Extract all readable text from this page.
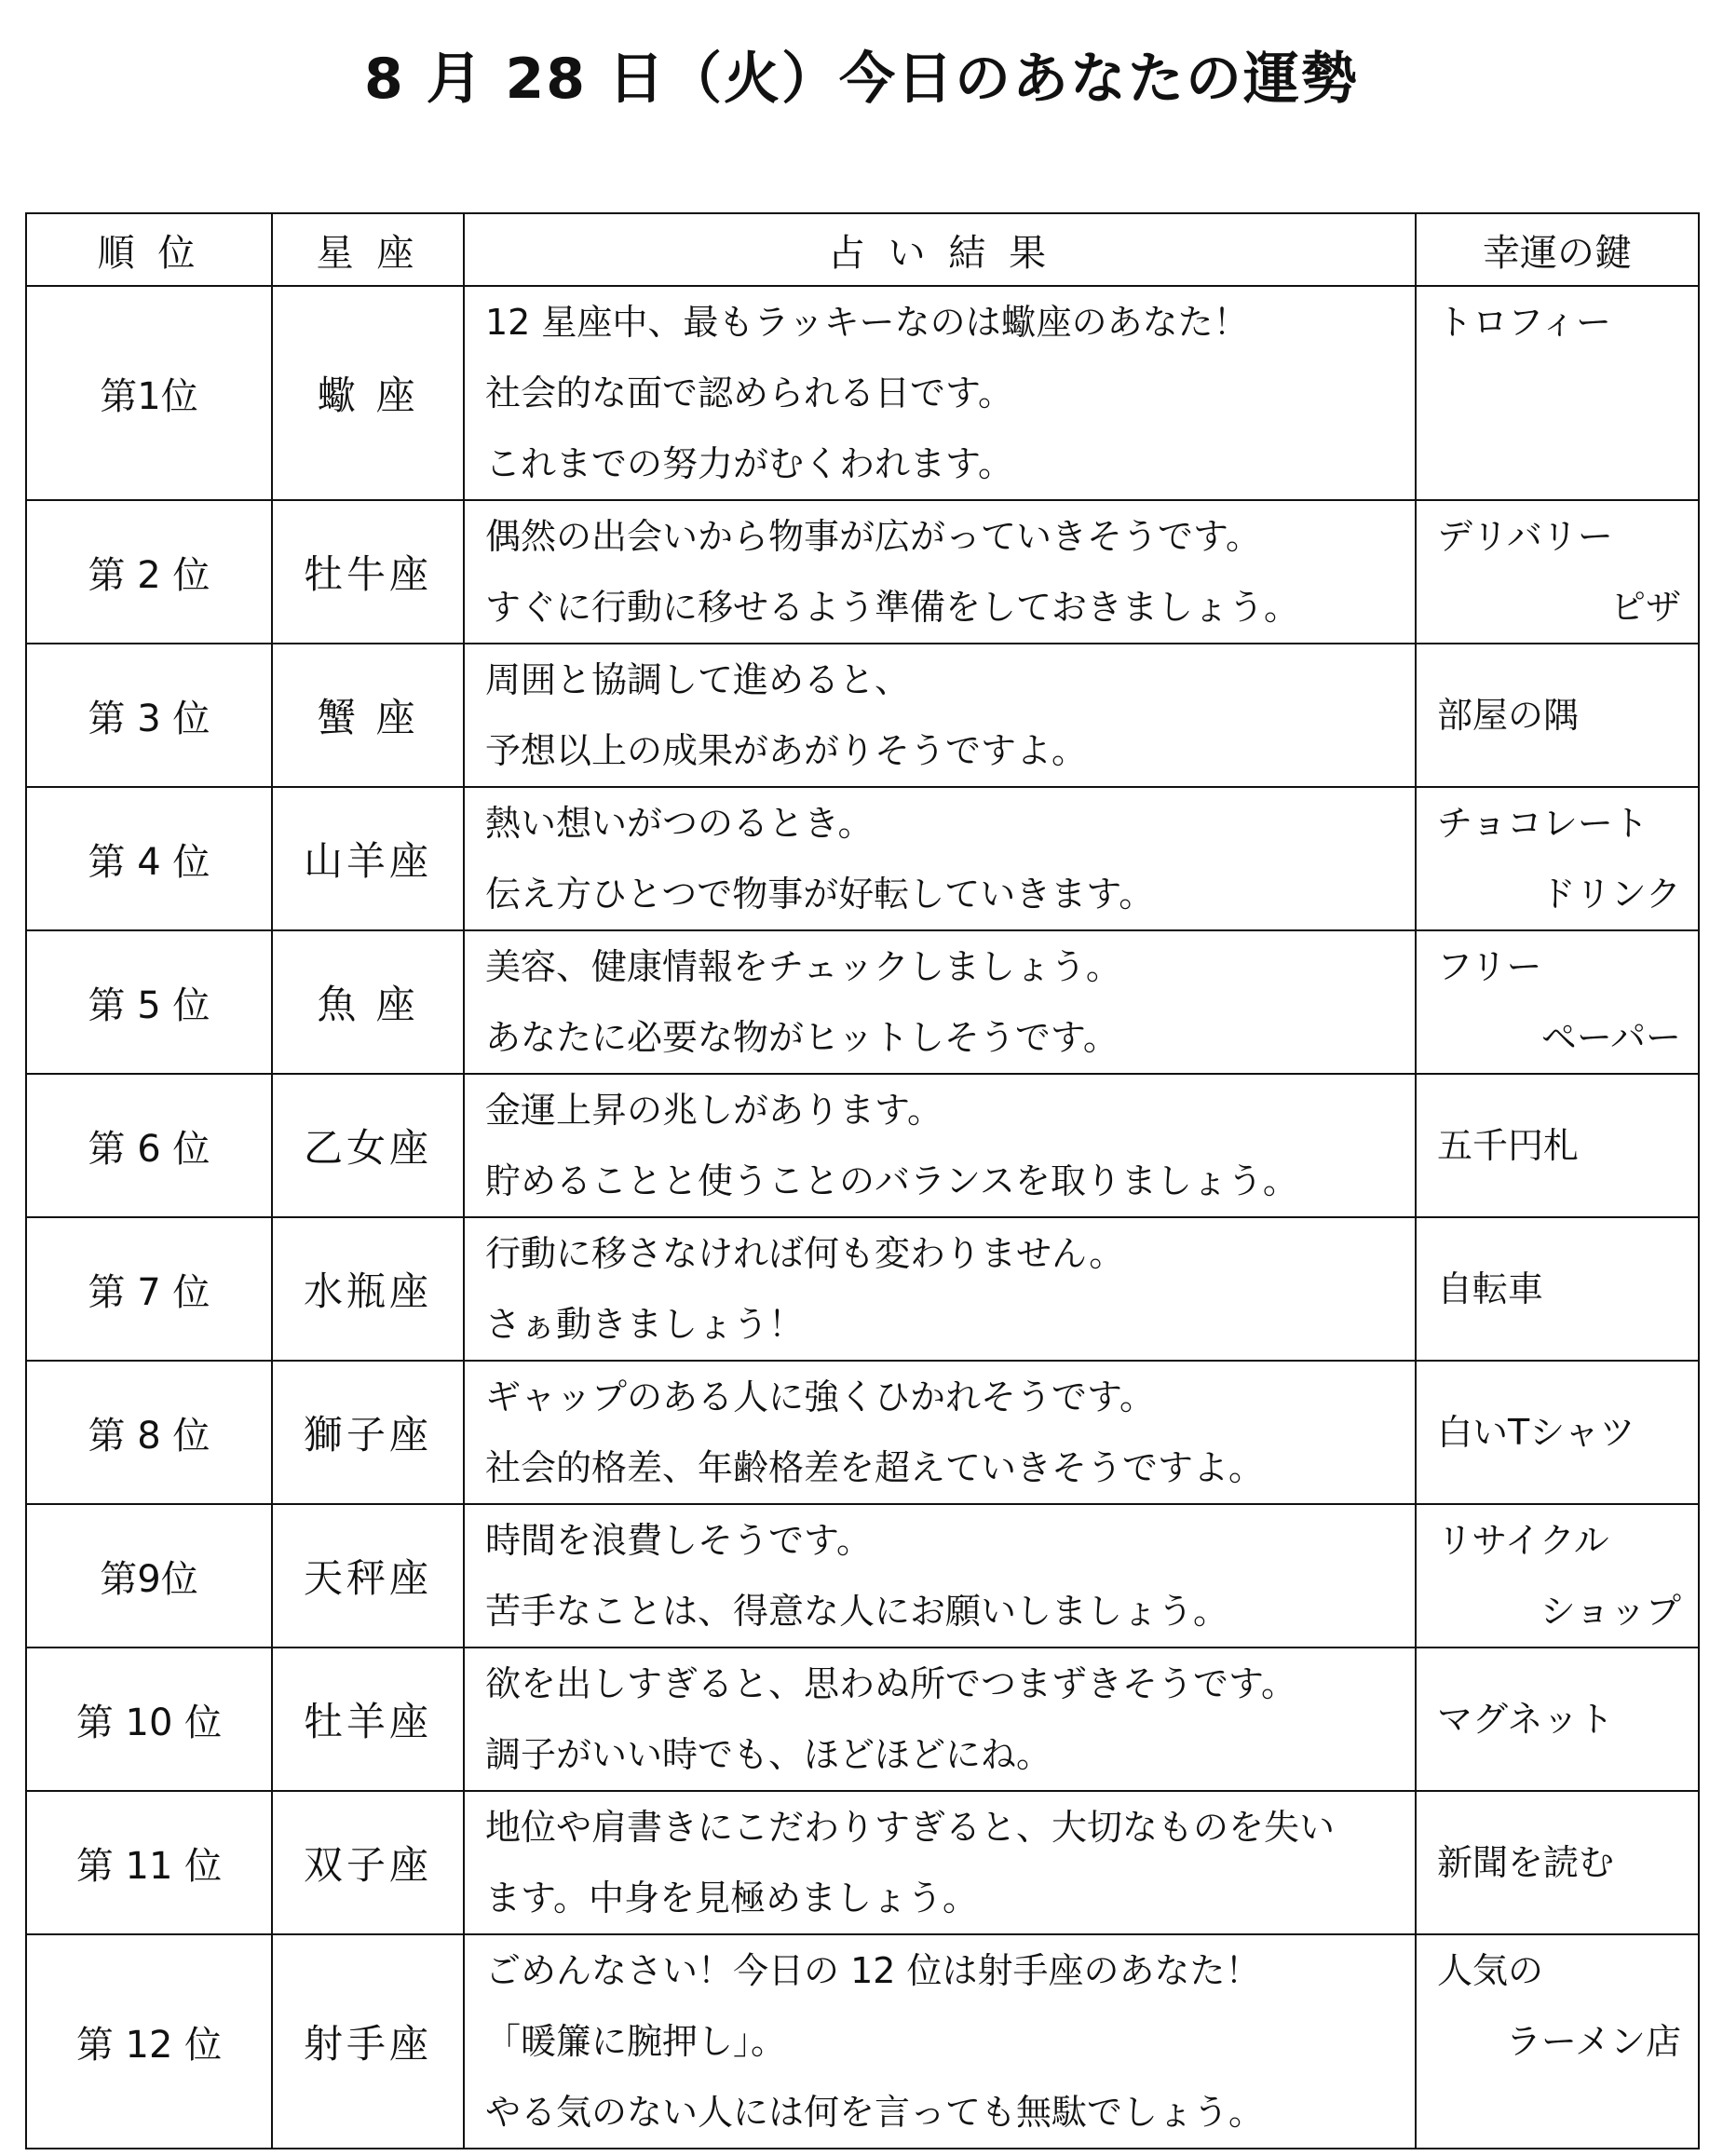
8 月 28 日（火）今日のあなたの運勢
順 位	星 座	占 い 結 果	幸運の鍵
第1位	蠍 座	12 星座中、最もラッキーなのは蠍座のあなた！
社会的な面で認められる日です。
これまでの努力がむくわれます。	トロフィー

第 2 位	牡牛座	偶然の出会いから物事が広がっていきそうです。
すぐに行動に移せるよう準備をしておきましょう。	デリバリー
ピザ

第 3 位	蟹 座	周囲と協調して進めると、
予想以上の成果があがりそうですよ。	部屋の隅

第 4 位	山羊座	熱い想いがつのるとき。
伝え方ひとつで物事が好転していきます。	チョコレート
ドリンク

第 5 位	魚 座	美容、健康情報をチェックしましょう。
あなたに必要な物がヒットしそうです。	フリー
ペーパー

第 6 位	乙女座	金運上昇の兆しがあります。
貯めることと使うことのバランスを取りましょう。	五千円札

第 7 位	水瓶座	行動に移さなければ何も変わりません。
さぁ動きましょう！	自転車

第 8 位	獅子座	ギャップのある人に強くひかれそうです。
社会的格差、年齢格差を超えていきそうですよ。	白いTシャツ

第9位	天秤座	時間を浪費しそうです。
苦手なことは、得意な人にお願いしましょう。	リサイクル
ショップ

第 10 位	牡羊座	欲を出しすぎると、思わぬ所でつまずきそうです。
調子がいい時でも、ほどほどにね。	マグネット

第 11 位	双子座	地位や肩書きにこだわりすぎると、大切なものを失い
ます。中身を見極めましょう。	新聞を読む

第 12 位	射手座	ごめんなさい！今日の 12 位は射手座のあなた！
「暖簾に腕押し」。
やる気のない人には何を言っても無駄でしょう。	人気の
ラーメン店
